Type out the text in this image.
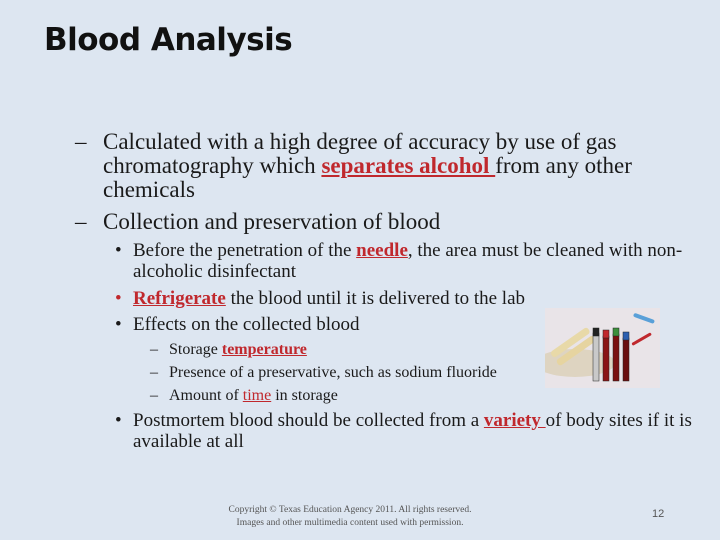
Blood Analysis
– Calculated with a high degree of accuracy by use of gas chromatography which separates alcohol from any other chemicals
– Collection and preservation of blood
• Before the penetration of the needle, the area must be cleaned with non-alcoholic disinfectant
• Refrigerate the blood until it is delivered to the lab
• Effects on the collected blood
– Storage temperature
– Presence of a preservative, such as sodium fluoride
– Amount of time in storage
• Postmortem blood should be collected from a variety of body sites if it is available at all
Copyright © Texas Education Agency 2011. All rights reserved.
Images and other multimedia content used with permission.
12
